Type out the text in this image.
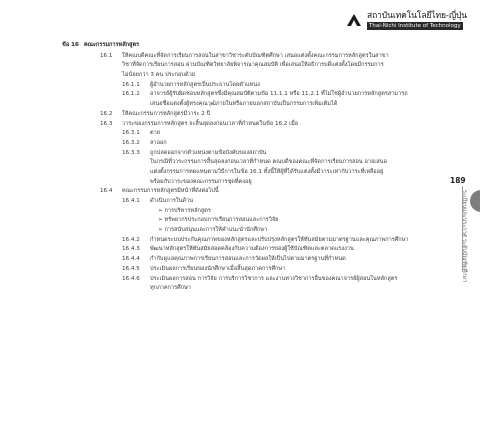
สถาบันเทคโนโลยีไทย-ญี่ปุ่น
Thai-Nichi Institute of Technology
ข้อ 16 คณะกรรมการหลักสูตร
16.1 ให้คณบดีคณะที่จัดการเรียนการสอนในสาขาวิชาระดับบัณฑิตศึกษา เสนอแต่งตั้งคณะกรรมการหลักสูตรในสาขา
วิชาที่จัดการเรียนการสอน ผ่านบัณฑิตวิทยาลัยพิจารณาคุณสมบัติ เพื่อเสนอให้อธิการบดีแต่งตั้งโดยมีกรรมการ
ไม่น้อยกว่า 3 คน ประกอบด้วย
16.1.1 ผู้อำนวยการหลักสูตรเป็นประธานโดยตำแหน่ง
16.1.2 อาจารย์ผู้รับผิดชอบหลักสูตรซึ่งมีคุณสมบัติตามข้อ 11.1.1 หรือ 11.2.1 ที่ไม่ใช่ผู้อำนวยการหลักสูตรสามารถ
เสนอชื่อแต่งตั้งผู้ทรงคุณวุฒิภายในหรือภายนอกสถาบันเป็นกรรมการเพิ่มเติมได้
16.2 ให้คณะกรรมการหลักสูตรมีวาระ 2 ปี
16.3 วาระของกรรมการหลักสูตร จะสิ้นสุดลงก่อนเวลาที่กำหนดในข้อ 16.2 เมื่อ
16.3.1 ตาย
16.3.2 ลาออก
16.3.3 ถูกปลดออกจากตำแหน่งตามข้อบังคับของสถาบัน
ในกรณีที่วาระกรรมการสิ้นสุดลงก่อนเวลาที่กำหนด คณบดีของคณะที่จัดการเรียนการสอน อาจเสนอ
แต่งตั้งกรรมการทดแทนตามวิธีการในข้อ 16.1 ทั้งนี้ให้ผู้ที่ได้รับแต่งตั้งมีวาระเท่ากับวาระที่เหลืออยู่
พร้อมกับวาระของคณะกรรมการชุดที่คงอยู่
16.4 คณะกรรมการหลักสูตรมีหน้าที่ดังต่อไปนี้
16.4.1 ดำเนินการในด้าน
➢ การบริหารหลักสูตร
➢ ทรัพยากรประกอบการเรียนการสอนและการวิจัย
➢ การสนับสนุนและการให้คำแนะนำนักศึกษา
16.4.2 กำหนดระบบประกันคุณภาพของหลักสูตรและปรับปรุงหลักสูตรให้ทันสมัยตามมาตรฐานและคุณภาพการศึกษา
16.4.3 พัฒนาหลักสูตรให้ทันสมัยสอดคล้องกับความต้องการของผู้ใช้บัณฑิตและตลาดแรงงาน
16.4.4 กำกับดูแลคุณภาพการเรียนการสอนและการวัดผลให้เป็นไปตามมาตรฐานที่กำหนด
16.4.5 ประเมินผลการเรียนของนักศึกษาเมื่อสิ้นสุดภาคการศึกษา
16.4.6 ประเมินผลการสอน การวิจัย การบริการวิชาการ และงานทางวิชาการอื่นของคณาจารย์ผู้สอนในหลักสูตร
ทุกภาคการศึกษา
189
ระเบียบและประกาศ ระดับบัณฑิตศึกษา
